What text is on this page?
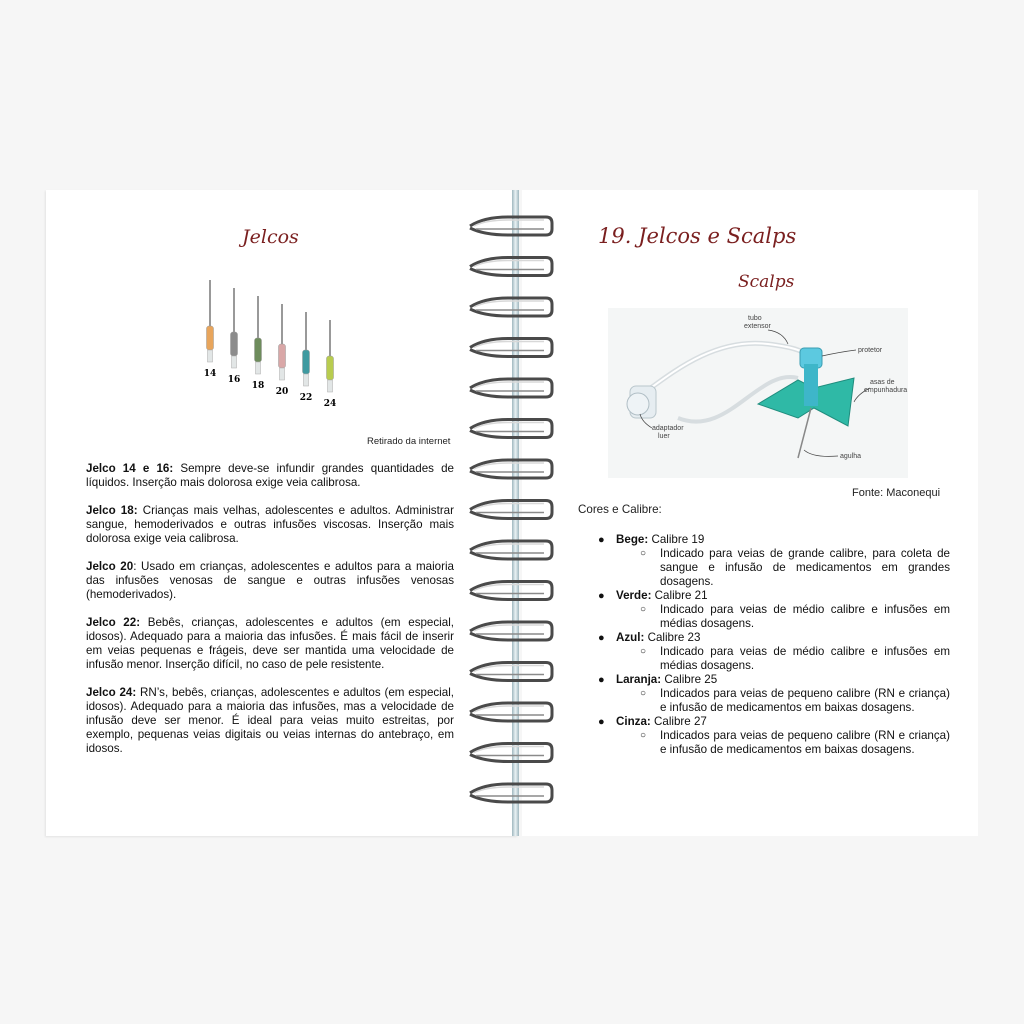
Jelcos
14
16
18
20
22
24
Retirado da internet

Jelco 14 e 16: Sempre deve-se infundir grandes quantidades de líquidos. Inserção mais dolorosa exige veia calibrosa.

Jelco 18: Crianças mais velhas, adolescentes e adultos. Administrar sangue, hemoderivados e outras infusões viscosas. Inserção mais dolorosa exige veia calibrosa.

Jelco 20: Usado em crianças, adolescentes e adultos para a maioria das infusões venosas de sangue e outras infusões venosas (hemoderivados).

Jelco 22: Bebês, crianças, adolescentes e adultos (em especial, idosos). Adequado para a maioria das infusões. É mais fácil de inserir em veias pequenas e frágeis, deve ser mantida uma velocidade de infusão menor. Inserção difícil, no caso de pele resistente.

Jelco 24: RN’s, bebês, crianças, adolescentes e adultos (em especial, idosos). Adequado para a maioria das infusões, mas a velocidade de infusão deve ser menor. É ideal para veias muito estreitas, por exemplo, pequenas veias digitais ou veias internas do antebraço, em idosos.

19. Jelcos e Scalps
Scalps
tubo
extensor
protetor
asas de
empunhadura
adaptador
luer
agulha
Fonte: Maconequi
Cores e Calibre:
● Bege: Calibre 19
○ Indicado para veias de grande calibre, para coleta de sangue e infusão de medicamentos em grandes dosagens.
● Verde: Calibre 21
○ Indicado para veias de médio calibre e infusões em médias dosagens.
● Azul: Calibre 23
○ Indicado para veias de médio calibre e infusões em médias dosagens.
● Laranja: Calibre 25
○ Indicados para veias de pequeno calibre (RN e criança) e infusão de medicamentos em baixas dosagens.
● Cinza: Calibre 27
○ Indicados para veias de pequeno calibre (RN e criança) e infusão de medicamentos em baixas dosagens.
